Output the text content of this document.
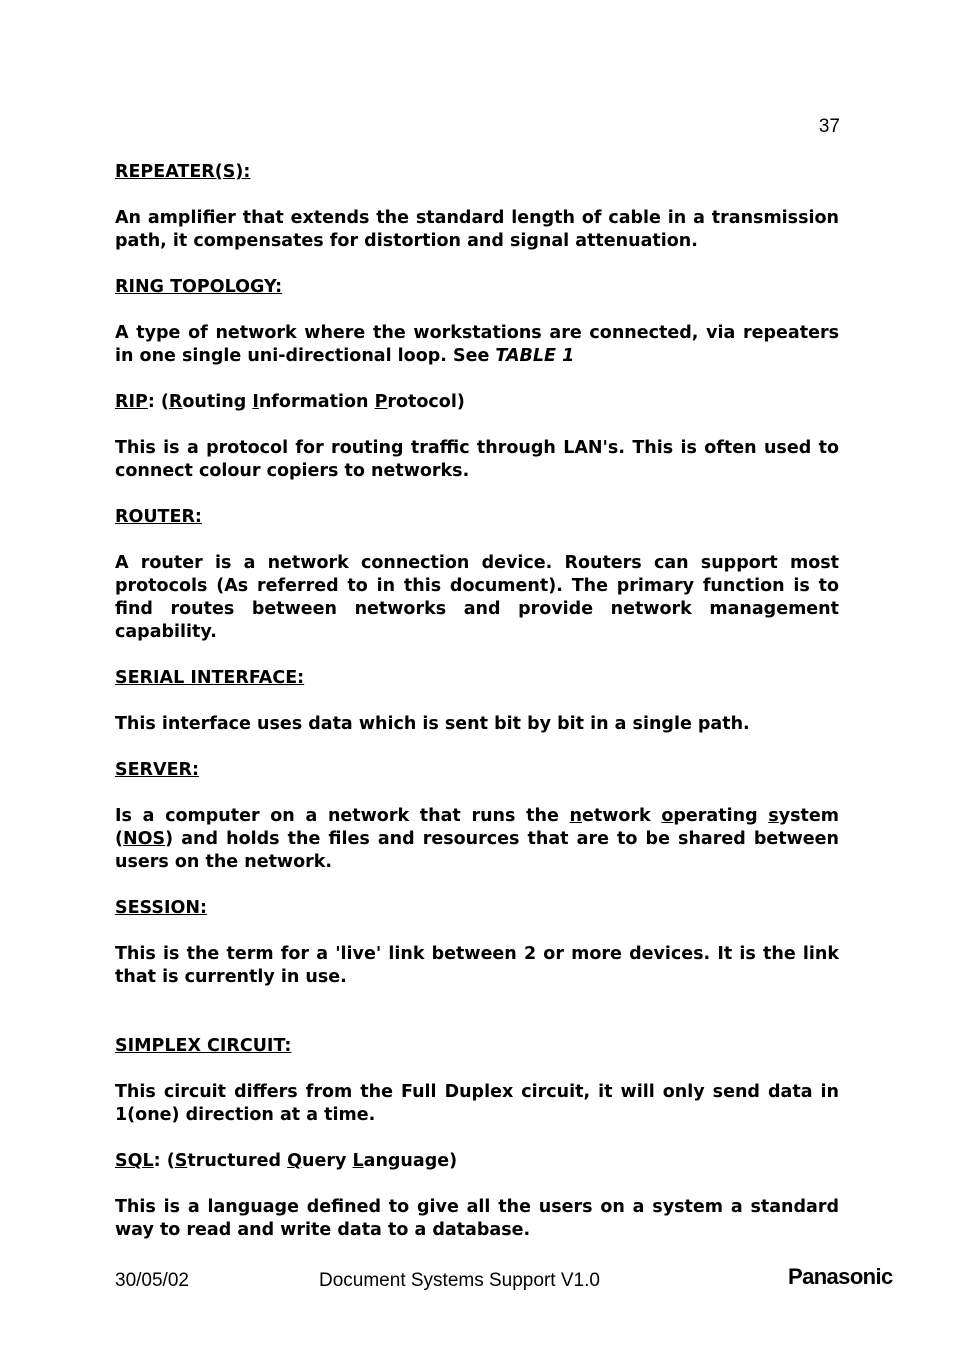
37

REPEATER(S):

An amplifier that extends the standard length of cable in a transmission path, it compensates for distortion and signal attenuation.

RING TOPOLOGY:

A type of network where the workstations are connected, via repeaters in one single uni-directional loop. See TABLE 1

RIP: (Routing Information Protocol)

This is a protocol for routing traffic through LAN's. This is often used to connect colour copiers to networks.

ROUTER:

A router is a network connection device. Routers can support most protocols (As referred to in this document). The primary function is to find routes between networks and provide network management capability.

SERIAL INTERFACE:

This interface uses data which is sent bit by bit in a single path.

SERVER:

Is a computer on a network that runs the network operating system (NOS) and holds the files and resources that are to be shared between users on the network.

SESSION:

This is the term for a 'live' link between 2 or more devices. It is the link that is currently in use.

SIMPLEX CIRCUIT:

This circuit differs from the Full Duplex circuit, it will only send data in 1(one) direction at a time.

SQL: (Structured Query Language)

This is a language defined to give all the users on a system a standard way to read and write data to a database.

30/05/02	Document Systems Support V1.0	Panasonic
